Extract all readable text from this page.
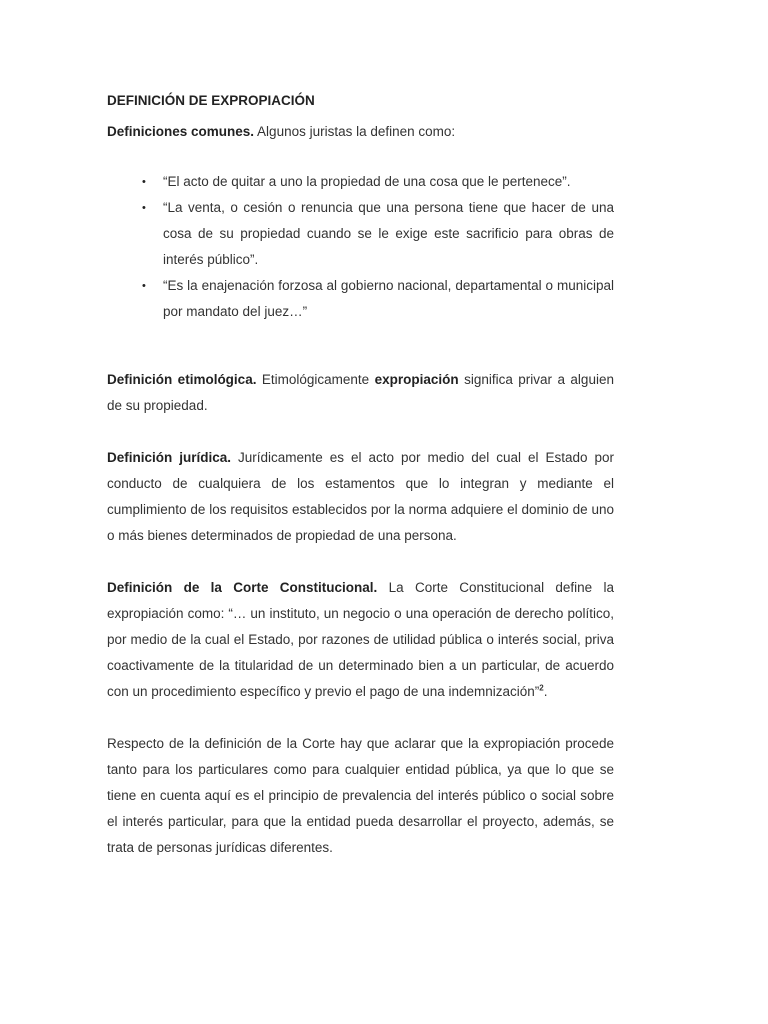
DEFINICIÓN DE EXPROPIACIÓN

Definiciones comunes. Algunos juristas la definen como:

• “El acto de quitar a uno la propiedad de una cosa que le pertenece”.
• “La venta, o cesión o renuncia que una persona tiene que hacer de una cosa de su propiedad cuando se le exige este sacrificio para obras de interés público”.
• “Es la enajenación forzosa al gobierno nacional, departamental o municipal por mandato del juez…”

Definición etimológica. Etimológicamente expropiación significa privar a alguien de su propiedad.

Definición jurídica. Jurídicamente es el acto por medio del cual el Estado por conducto de cualquiera de los estamentos que lo integran y mediante el cumplimiento de los requisitos establecidos por la norma adquiere el dominio de uno o más bienes determinados de propiedad de una persona.

Definición de la Corte Constitucional. La Corte Constitucional define la expropiación como: “… un instituto, un negocio o una operación de derecho político, por medio de la cual el Estado, por razones de utilidad pública o interés social, priva coactivamente de la titularidad de un determinado bien a un particular, de acuerdo con un procedimiento específico y previo el pago de una indemnización”$^2$.

Respecto de la definición de la Corte hay que aclarar que la expropiación procede tanto para los particulares como para cualquier entidad pública, ya que lo que se tiene en cuenta aquí es el principio de prevalencia del interés público o social sobre el interés particular, para que la entidad pueda desarrollar el proyecto, además, se trata de personas jurídicas diferentes.
